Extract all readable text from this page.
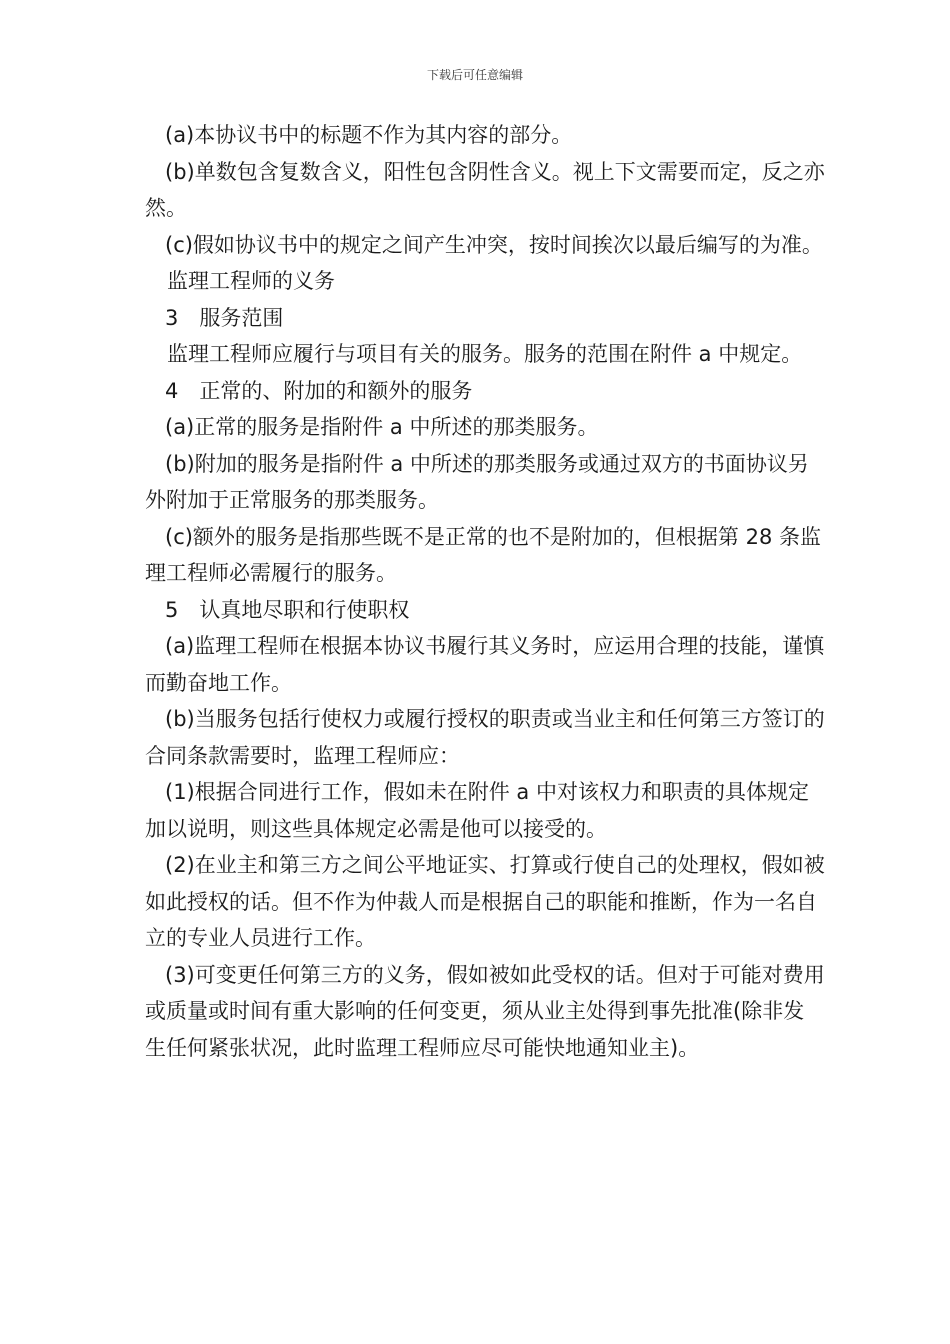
下载后可任意编辑

(a)本协议书中的标题不作为其内容的部分。

(b)单数包含复数含义，阳性包含阴性含义。视上下文需要而定，反之亦然。

(c)假如协议书中的规定之间产生冲突，按时间挨次以最后编写的为准。

监理工程师的义务

3　服务范围

监理工程师应履行与项目有关的服务。服务的范围在附件 a 中规定。

4　正常的、附加的和额外的服务

(a)正常的服务是指附件 a 中所述的那类服务。

(b)附加的服务是指附件 a 中所述的那类服务或通过双方的书面协议另外附加于正常服务的那类服务。

(c)额外的服务是指那些既不是正常的也不是附加的，但根据第 28 条监理工程师必需履行的服务。

5　认真地尽职和行使职权

(a)监理工程师在根据本协议书履行其义务时，应运用合理的技能，谨慎而勤奋地工作。

(b)当服务包括行使权力或履行授权的职责或当业主和任何第三方签订的合同条款需要时，监理工程师应：

(1)根据合同进行工作，假如未在附件 a 中对该权力和职责的具体规定加以说明，则这些具体规定必需是他可以接受的。

(2)在业主和第三方之间公平地证实、打算或行使自己的处理权，假如被如此授权的话。但不作为仲裁人而是根据自己的职能和推断，作为一名自立的专业人员进行工作。

(3)可变更任何第三方的义务，假如被如此受权的话。但对于可能对费用或质量或时间有重大影响的任何变更，须从业主处得到事先批准(除非发生任何紧张状况，此时监理工程师应尽可能快地通知业主)。
